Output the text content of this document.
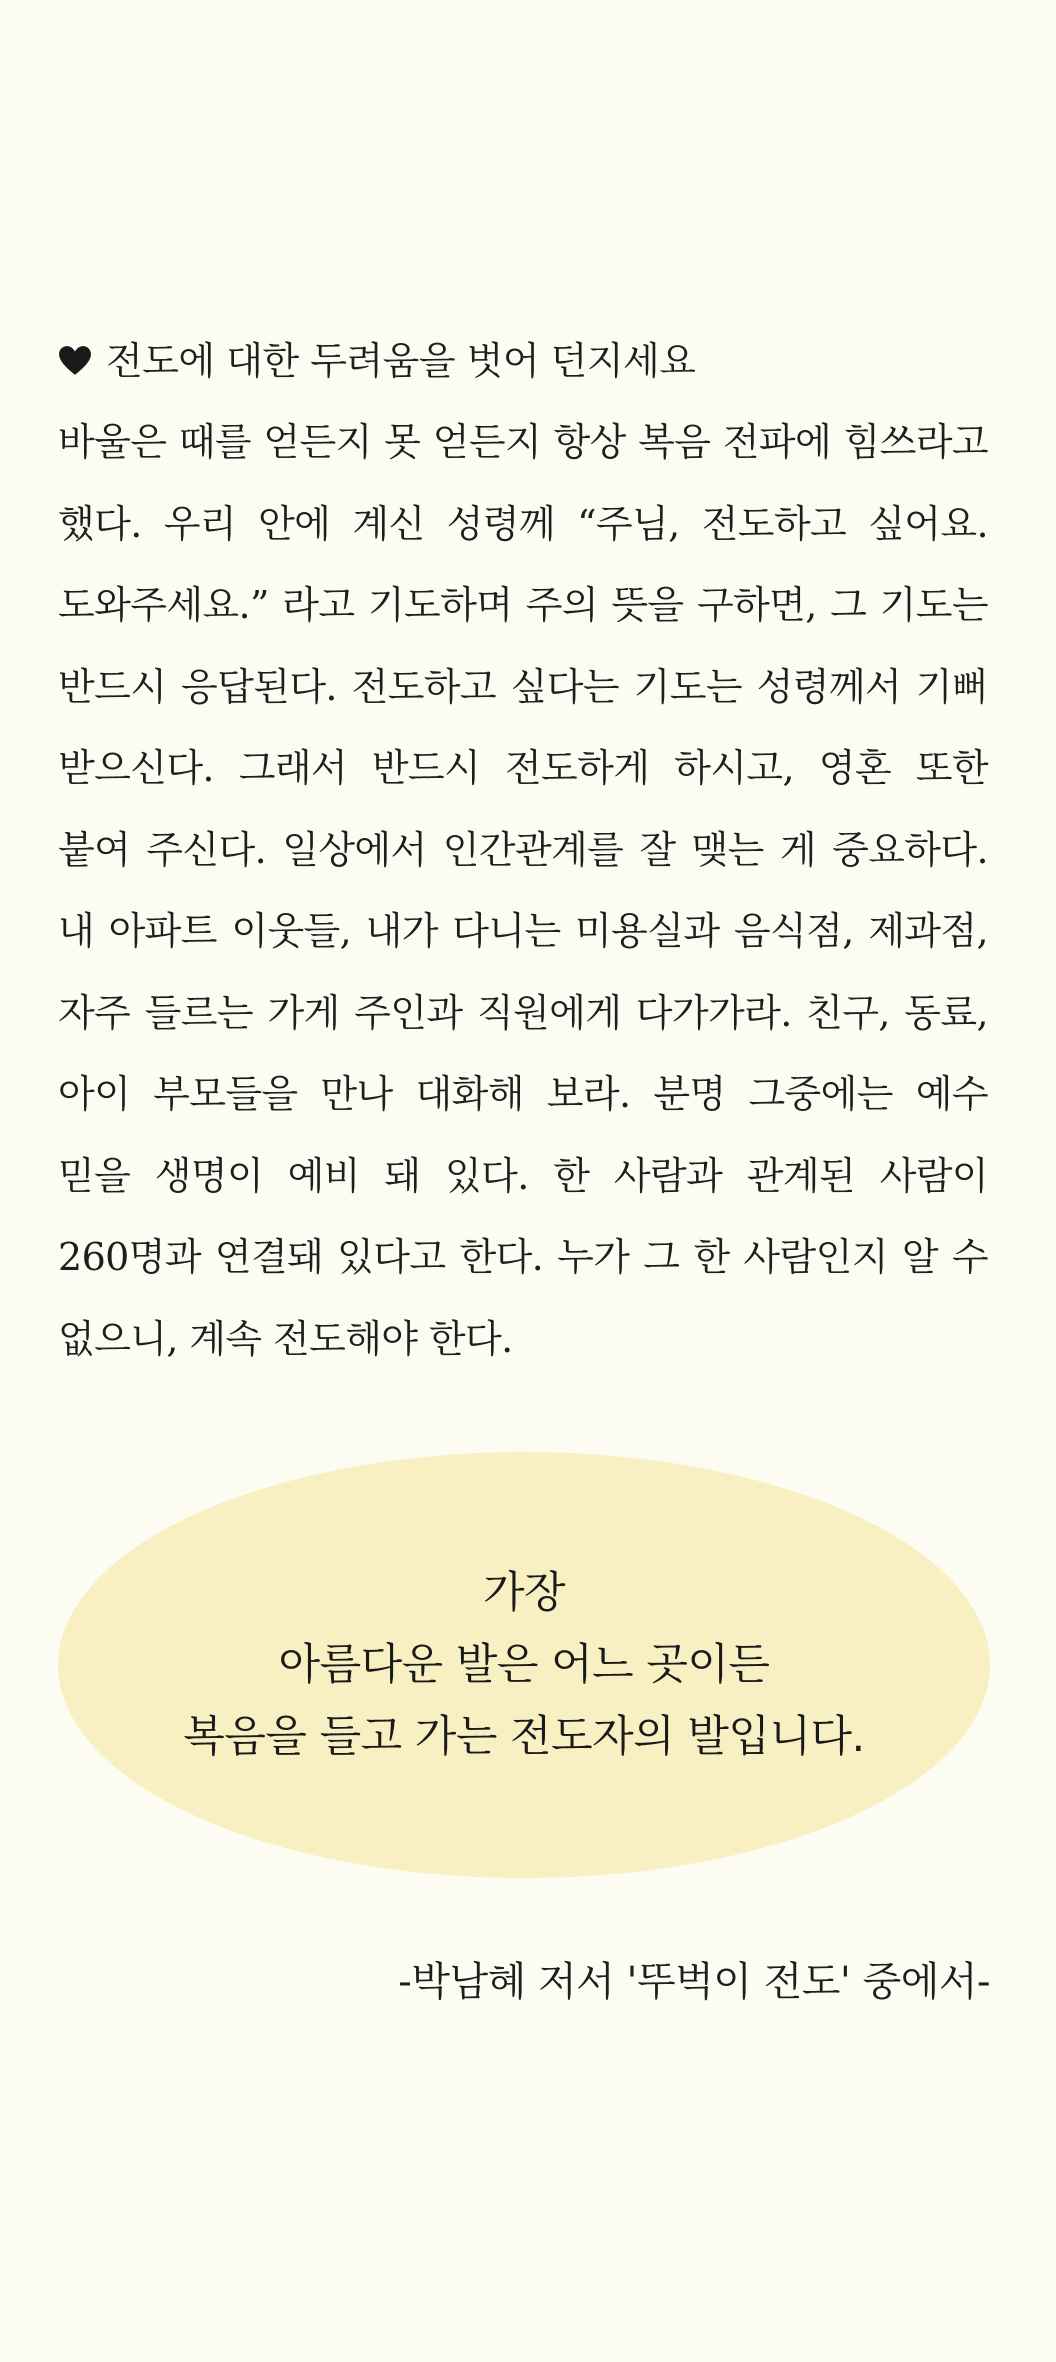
전도에 대한 두려움을 벗어 던지세요

바울은 때를 얻든지 못 얻든지 항상 복음 전파에 힘쓰라고 했다. 우리 안에 계신 성령께 “주님, 전도하고 싶어요. 도와주세요.” 라고 기도하며 주의 뜻을 구하면, 그 기도는 반드시 응답된다. 전도하고 싶다는 기도는 성령께서 기뻐 받으신다. 그래서 반드시 전도하게 하시고, 영혼 또한 붙여 주신다. 일상에서 인간관계를 잘 맺는 게 중요하다. 내 아파트 이웃들, 내가 다니는 미용실과 음식점, 제과점, 자주 들르는 가게 주인과 직원에게 다가가라. 친구, 동료, 아이 부모들을 만나 대화해 보라. 분명 그중에는 예수 믿을 생명이 예비 돼 있다. 한 사람과 관계된 사람이 260명과 연결돼 있다고 한다. 누가 그 한 사람인지 알 수 없으니, 계속 전도해야 한다.

가장
아름다운 발은 어느 곳이든
복음을 들고 가는 전도자의 발입니다.
-박남혜 저서 '뚜벅이 전도' 중에서-
